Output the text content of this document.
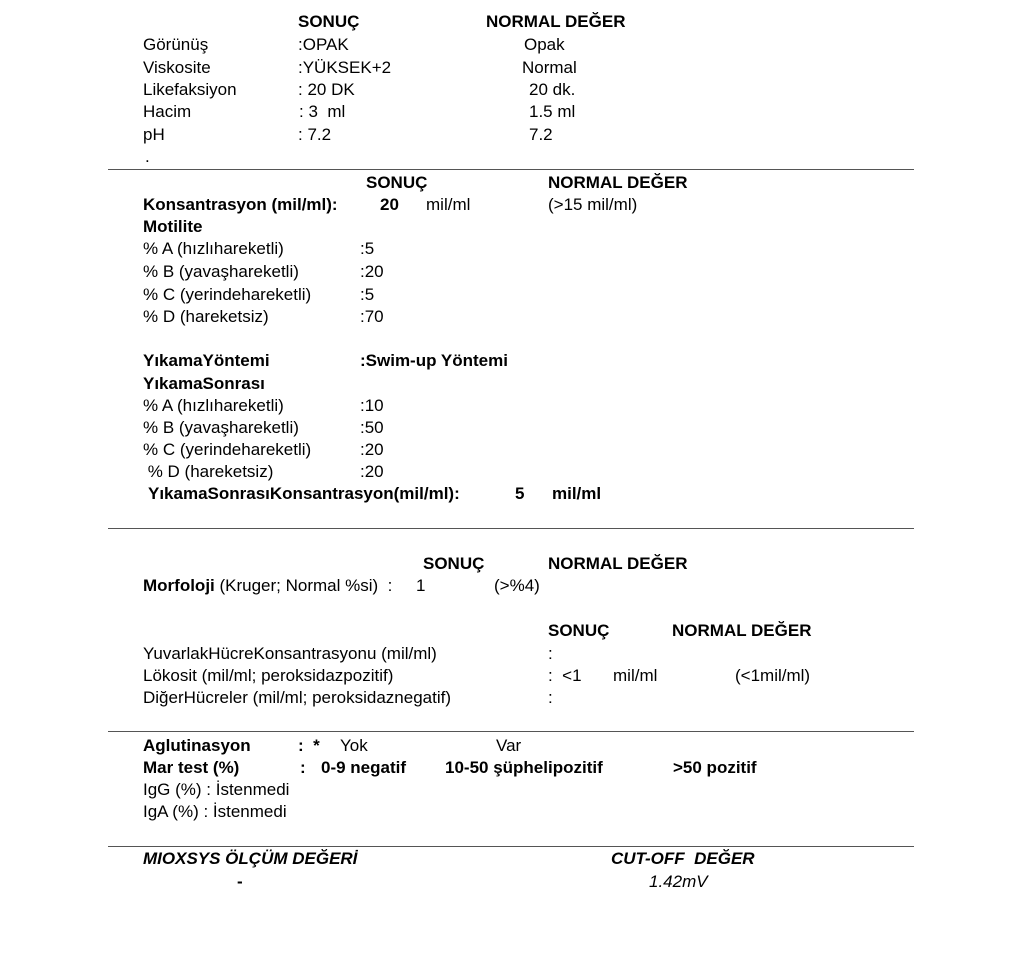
SONUÇ	NORMAL DEĞER
Görünüş	:OPAK	Opak
Viskosite	:YÜKSEK+2	Normal
Likefaksiyon	: 20 DK	20 dk.
Hacim	: 3  ml	1.5 ml
pH	: 7.2	7.2
.
SONUÇ	NORMAL DEĞER
Konsantrasyon (mil/ml): 20 mil/ml	(>15 mil/ml)
Motilite
% A (hızlıhareketli)	:5
% B (yavaşhareketli)	:20
% C (yerindehareketli)	:5
% D (hareketsiz)	:70
YıkamaYöntemi	:Swim-up Yöntemi
YıkamaSonrası
% A (hızlıhareketli)	:10
% B (yavaşhareketli)	:50
% C (yerindehareketli)	:20
% D (hareketsiz)	:20
YıkamaSonrasıKonsantrasyon(mil/ml):	5 mil/ml
SONUÇ	NORMAL DEĞER
Morfoloji (Kruger; Normal %si)  :     1	(>%4)
SONUÇ	NORMAL DEĞER
YuvarlakHücreKonsantrasyonu (mil/ml)	:
Lökosit (mil/ml; peroksidazpozitif)	:  <1 mil/ml	(<1mil/ml)
DiğerHücreler (mil/ml; peroksidaznegatif)	:
Aglutinasyon	:  * Yok	Var
Mar test (%)	: 0-9 negatif 10-50 şüphelipozitif	>50 pozitif
IgG (%) : İstenmedi
IgA (%) : İstenmedi
MIOXSYS ÖLÇÜM DEĞERİ	CUT-OFF  DEĞER
-	1.42mV
